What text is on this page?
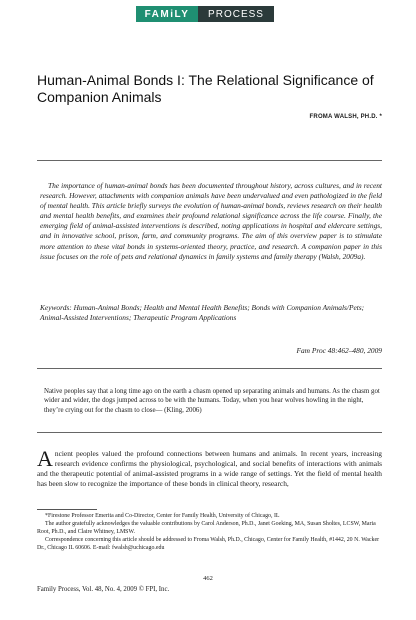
FAMiLY	PROCESS
Human-Animal Bonds I: The Relational Significance of Companion Animals
FROMA WALSH, PH.D. *
The importance of human-animal bonds has been documented throughout history, across cultures, and in recent research. However, attachments with companion animals have been undervalued and even pathologized in the field of mental health. This article briefly surveys the evolution of human-animal bonds, reviews research on their health and mental health benefits, and examines their profound relational significance across the life course. Finally, the emerging field of animal-assisted interventions is described, noting applications in hospital and eldercare settings, and in innovative school, prison, farm, and community programs. The aim of this overview paper is to stimulate more attention to these vital bonds in systems-oriented theory, practice, and research. A companion paper in this issue focuses on the role of pets and relational dynamics in family systems and family therapy (Walsh, 2009a).
Keywords: Human-Animal Bonds; Health and Mental Health Benefits; Bonds with Companion Animals/Pets; Animal-Assisted Interventions; Therapeutic Program Applications
Fam Proc 48:462–480, 2009
Native peoples say that a long time ago on the earth a chasm opened up separating animals and humans. As the chasm got wider and wider, the dogs jumped across to be with the humans. Today, when you hear wolves howling in the night, they’re crying out for the chasm to close— (Kling, 2006)
Ancient peoples valued the profound connections between humans and animals. In recent years, increasing research evidence confirms the physiological, psychological, and social benefits of interactions with animals and the therapeutic potential of animal-assisted programs in a wide range of settings. Yet the field of mental health has been slow to recognize the importance of these bonds in clinical theory, research,

*Firestone Professor Emerita and Co-Director, Center for Family Health, University of Chicago, IL

The author gratefully acknowledges the valuable contributions by Carol Anderson, Ph.D., Janet Goeking, MA, Susan Sholtes, LCSW, Maria Root, Ph.D., and Claire Whitney, LMSW.

Correspondence concerning this article should be addressed to Froma Walsh, Ph.D., Chicago, Center for Family Health, #1442, 20 N. Wacker Dr., Chicago IL 60606. E-mail: fwalsh@uchicago.edu

462
Family Process, Vol. 48, No. 4, 2009 © FPI, Inc.
